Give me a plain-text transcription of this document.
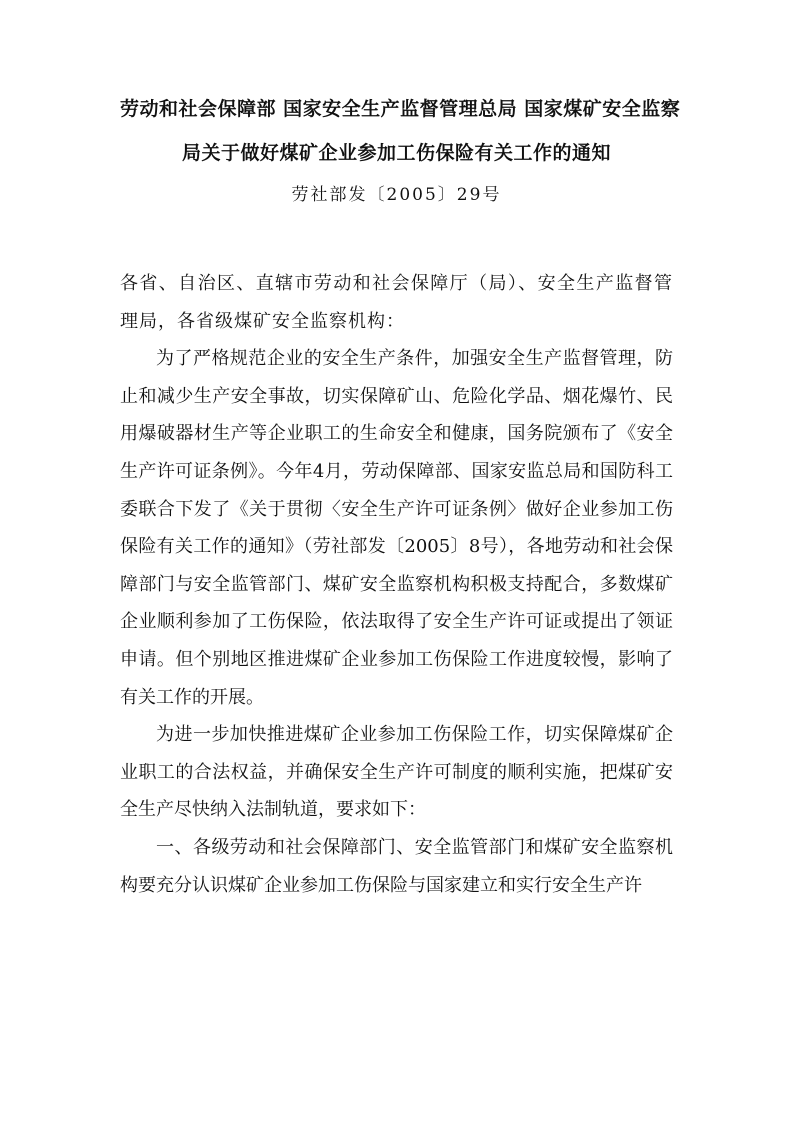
劳动和社会保障部 国家安全生产监督管理总局 国家煤矿安全监察
局关于做好煤矿企业参加工伤保险有关工作的通知
劳社部发〔2005〕29号

各省、自治区、直辖市劳动和社会保障厅（局）、安全生产监督管理局，各省级煤矿安全监察机构：

为了严格规范企业的安全生产条件，加强安全生产监督管理，防止和减少生产安全事故，切实保障矿山、危险化学品、烟花爆竹、民用爆破器材生产等企业职工的生命安全和健康，国务院颁布了《安全生产许可证条例》。今年4月，劳动保障部、国家安监总局和国防科工委联合下发了《关于贯彻〈安全生产许可证条例〉做好企业参加工伤保险有关工作的通知》（劳社部发〔2005〕8号），各地劳动和社会保障部门与安全监管部门、煤矿安全监察机构积极支持配合，多数煤矿企业顺利参加了工伤保险，依法取得了安全生产许可证或提出了领证申请。但个别地区推进煤矿企业参加工伤保险工作进度较慢，影响了有关工作的开展。

为进一步加快推进煤矿企业参加工伤保险工作，切实保障煤矿企业职工的合法权益，并确保安全生产许可制度的顺利实施，把煤矿安全生产尽快纳入法制轨道，要求如下：

一、各级劳动和社会保障部门、安全监管部门和煤矿安全监察机构要充分认识煤矿企业参加工伤保险与国家建立和实行安全生产许
